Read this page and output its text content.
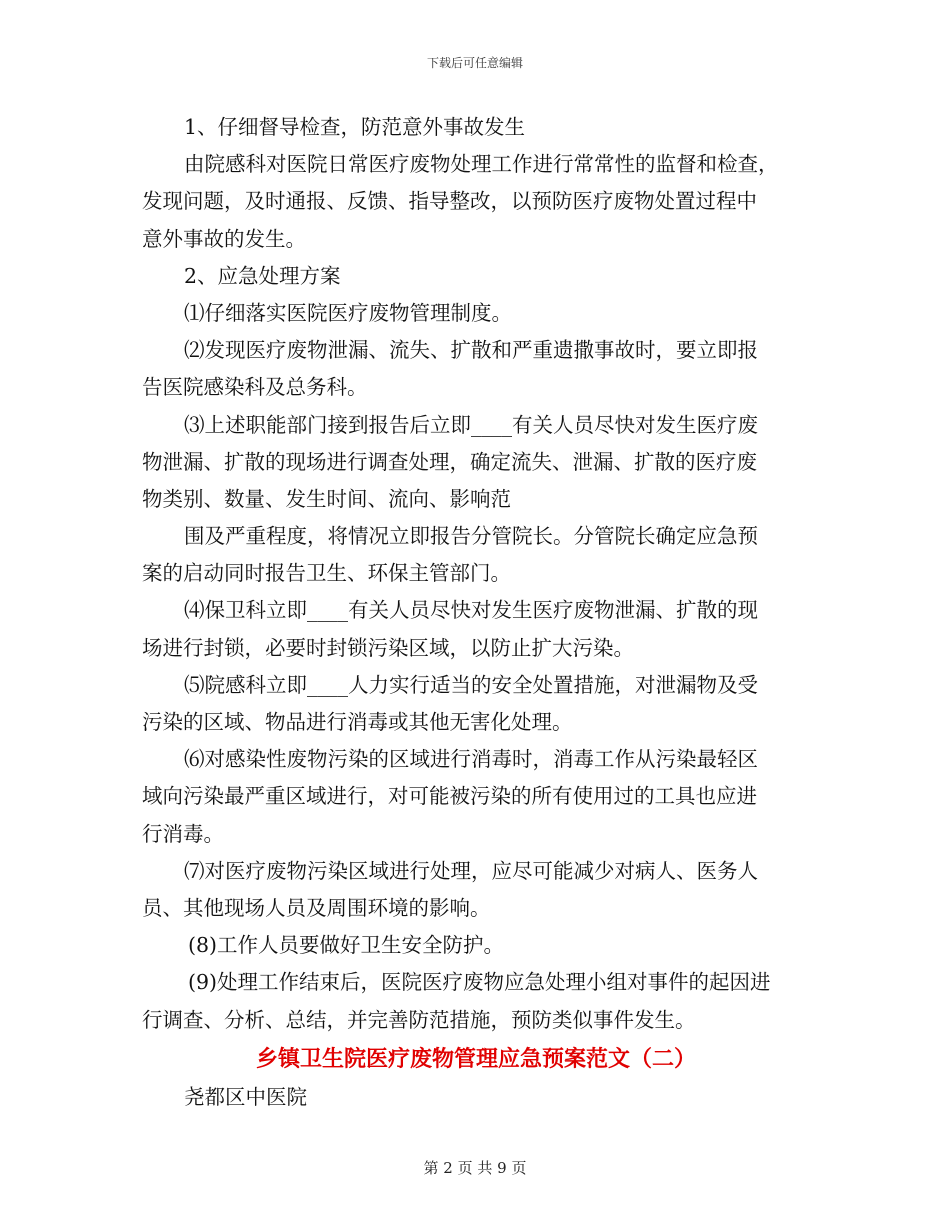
下载后可任意编辑
1、仔细督导检查，防范意外事故发生
由院感科对医院日常医疗废物处理工作进行常常性的监督和检查，
发现问题，及时通报、反馈、指导整改，以预防医疗废物处置过程中
意外事故的发生。
2、应急处理方案
⑴仔细落实医院医疗废物管理制度。
⑵发现医疗废物泄漏、流失、扩散和严重遗撒事故时，要立即报
告医院感染科及总务科。
⑶上述职能部门接到报告后立即____有关人员尽快对发生医疗废
物泄漏、扩散的现场进行调查处理，确定流失、泄漏、扩散的医疗废
物类别、数量、发生时间、流向、影响范
围及严重程度，将情况立即报告分管院长。分管院长确定应急预
案的启动同时报告卫生、环保主管部门。
⑷保卫科立即____有关人员尽快对发生医疗废物泄漏、扩散的现
场进行封锁，必要时封锁污染区域，以防止扩大污染。
⑸院感科立即____人力实行适当的安全处置措施，对泄漏物及受
污染的区域、物品进行消毒或其他无害化处理。
⑹对感染性废物污染的区域进行消毒时，消毒工作从污染最轻区
域向污染最严重区域进行，对可能被污染的所有使用过的工具也应进
行消毒。
⑺对医疗废物污染区域进行处理，应尽可能减少对病人、医务人
员、其他现场人员及周围环境的影响。
(8)工作人员要做好卫生安全防护。
(9)处理工作结束后，医院医疗废物应急处理小组对事件的起因进
行调查、分析、总结，并完善防范措施，预防类似事件发生。
乡镇卫生院医疗废物管理应急预案范文（二）
尧都区中医院
第 2 页 共 9 页
